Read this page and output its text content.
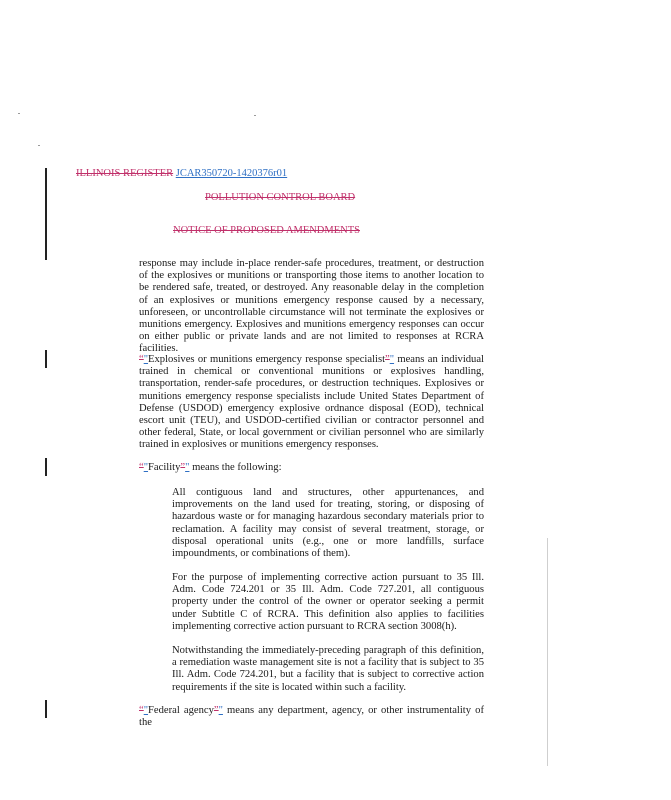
ILLINOIS REGISTER JCAR350720-1420376r01
POLLUTION CONTROL BOARD
NOTICE OF PROPOSED AMENDMENTS
response may include in-place render-safe procedures, treatment, or destruction of the explosives or munitions or transporting those items to another location to be rendered safe, treated, or destroyed. Any reasonable delay in the completion of an explosives or munitions emergency response caused by a necessary, unforeseen, or uncontrollable circumstance will not terminate the explosives or munitions emergency. Explosives and munitions emergency responses can occur on either public or private lands and are not limited to responses at RCRA facilities.
“"Explosives or munitions emergency response specialist”" means an individual trained in chemical or conventional munitions or explosives handling, transportation, render-safe procedures, or destruction techniques. Explosives or munitions emergency response specialists include United States Department of Defense (USDOD) emergency explosive ordnance disposal (EOD), technical escort unit (TEU), and USDOD-certified civilian or contractor personnel and other federal, State, or local government or civilian personnel who are similarly trained in explosives or munitions emergency responses.
“"Facility”" means the following:
All contiguous land and structures, other appurtenances, and improvements on the land used for treating, storing, or disposing of hazardous waste or for managing hazardous secondary materials prior to reclamation. A facility may consist of several treatment, storage, or disposal operational units (e.g., one or more landfills, surface impoundments, or combinations of them).
For the purpose of implementing corrective action pursuant to 35 Ill. Adm. Code 724.201 or 35 Ill. Adm. Code 727.201, all contiguous property under the control of the owner or operator seeking a permit under Subtitle C of RCRA. This definition also applies to facilities implementing corrective action pursuant to RCRA section 3008(h).
Notwithstanding the immediately-preceding paragraph of this definition, a remediation waste management site is not a facility that is subject to 35 Ill. Adm. Code 724.201, but a facility that is subject to corrective action requirements if the site is located within such a facility.
“"Federal agency”" means any department, agency, or other instrumentality of the
